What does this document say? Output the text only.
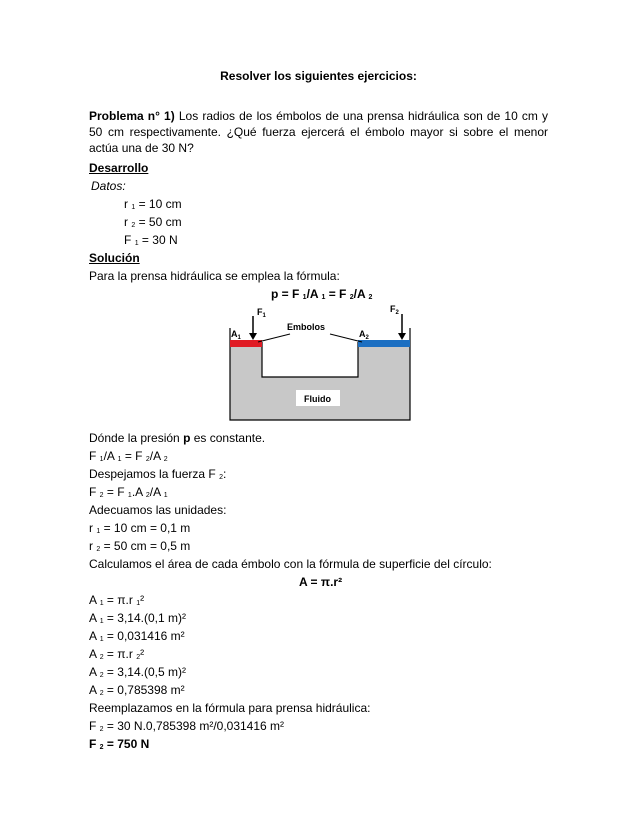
Resolver los siguientes ejercicios:
Problema n° 1) Los radios de los émbolos de una prensa hidráulica son de 10 cm y 50 cm respectivamente. ¿Qué fuerza ejercerá el émbolo mayor si sobre el menor actúa una de 30 N?
Desarrollo
Datos:
r $_1$ = 10 cm
r $_2$ = 50 cm
F $_1$ = 30 N
Solución
Para la prensa hidráulica se emplea la fórmula:
p = F $_1$/A $_1$ = F $_2$/A $_2$
$F_1$
$F_2$
$A_1$	$A_2$
Embolos
Fluido
Dónde la presión p es constante.
F $_1$/A $_1$ = F $_2$/A $_2$
Despejamos la fuerza F $_2$:
F $_2$ = F $_1$.A $_2$/A $_1$
Adecuamos las unidades:
r $_1$ = 10 cm = 0,1 m
r $_2$ = 50 cm = 0,5 m
Calculamos el área de cada émbolo con la fórmula de superficie del círculo:
A = π.r²
A $_1$ = π.r $_1$²
A $_1$ = 3,14.(0,1 m)²
A $_1$ = 0,031416 m²
A $_2$ = π.r $_2$²
A $_2$ = 3,14.(0,5 m)²
A $_2$ = 0,785398 m²
Reemplazamos en la fórmula para prensa hidráulica:
F $_2$ = 30 N.0,785398 m²/0,031416 m²
F $_2$ = 750 N
